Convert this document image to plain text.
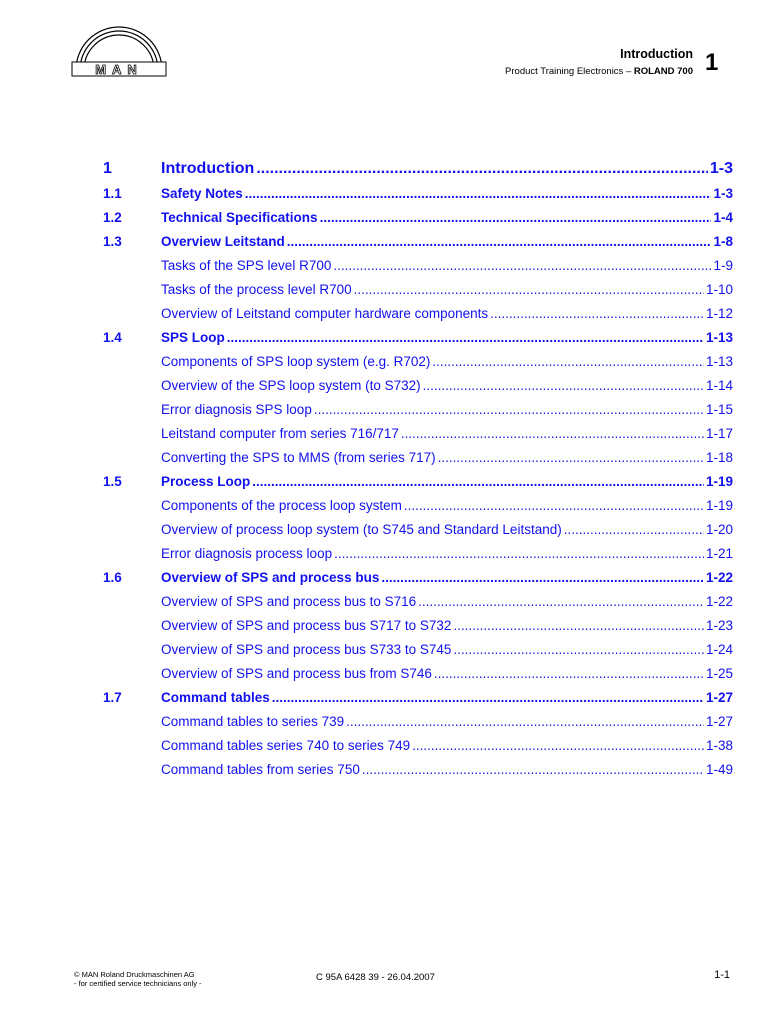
MAN
Introduction
Product Training Electronics – ROLAND 700 1
1	Introduction .....	1-3
1.1	Safety Notes .....	1-3
1.2	Technical Specifications .....	1-4
1.3	Overview Leitstand .....	1-8
Tasks of the SPS level R700 .....	1-9
Tasks of the process level R700 .....	1-10
Overview of Leitstand computer hardware components .....	1-12
1.4	SPS Loop .....	1-13
Components of SPS loop system (e.g. R702) .....	1-13
Overview of the SPS loop system (to S732) .....	1-14
Error diagnosis SPS loop .....	1-15
Leitstand computer from series 716/717 .....	1-17
Converting the SPS to MMS (from series 717) .....	1-18
1.5	Process Loop .....	1-19
Components of the process loop system .....	1-19
Overview of process loop system (to S745 and Standard Leitstand) .....	1-20
Error diagnosis process loop .....	1-21
1.6	Overview of SPS and process bus .....	1-22
Overview of SPS and process bus to S716 .....	1-22
Overview of SPS and process bus S717 to S732 .....	1-23
Overview of SPS and process bus S733 to S745 .....	1-24
Overview of SPS and process bus from S746 .....	1-25
1.7	Command tables .....	1-27
Command tables to series 739 .....	1-27
Command tables series 740 to series 749 .....	1-38
Command tables from series 750 .....	1-49
© MAN Roland Druckmaschinen AG
- for certified service technicians only -
C 95A 6428 39 - 26.04.2007	1-1
